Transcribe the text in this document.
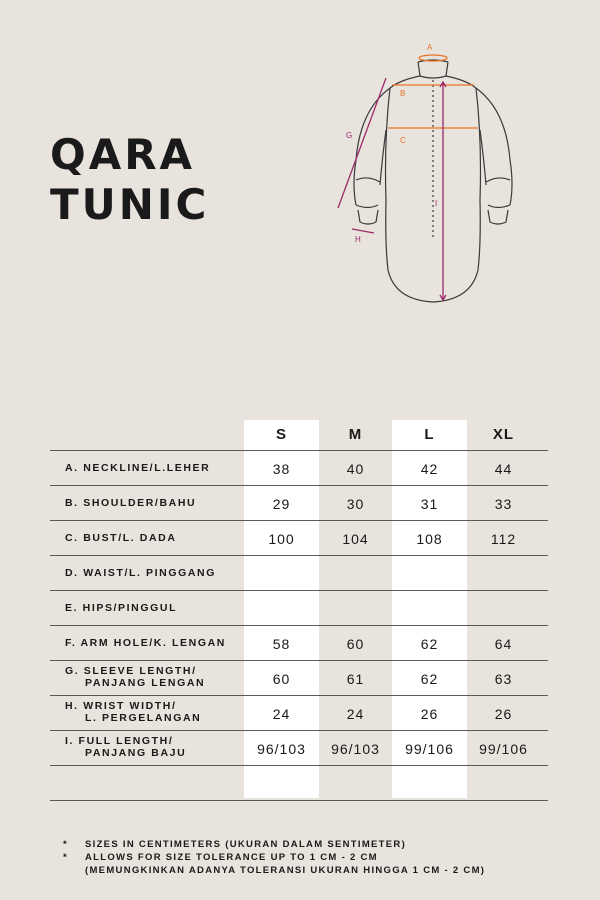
QARA
TUNIC
A
B
C
G
H
I
S	M	L	XL
A. NECKLINE/L.LEHER	38	40	42	44
B. SHOULDER/BAHU	29	30	31	33
C. BUST/L. DADA	100	104	108	112
D. WAIST/L. PINGGANG
E. HIPS/PINGGUL
F. ARM HOLE/K. LENGAN	58	60	62	64
G. SLEEVE LENGTH/
PANJANG LENGAN	60	61	62	63
H. WRIST WIDTH/
L. PERGELANGAN	24	24	26	26
I. FULL LENGTH/
PANJANG BAJU	96/103	96/103	99/106	99/106
* SIZES IN CENTIMETERS (UKURAN DALAM SENTIMETER)
* ALLOWS FOR SIZE TOLERANCE UP TO 1 CM - 2 CM
(MEMUNGKINKAN ADANYA TOLERANSI UKURAN HINGGA 1 CM - 2 CM)
